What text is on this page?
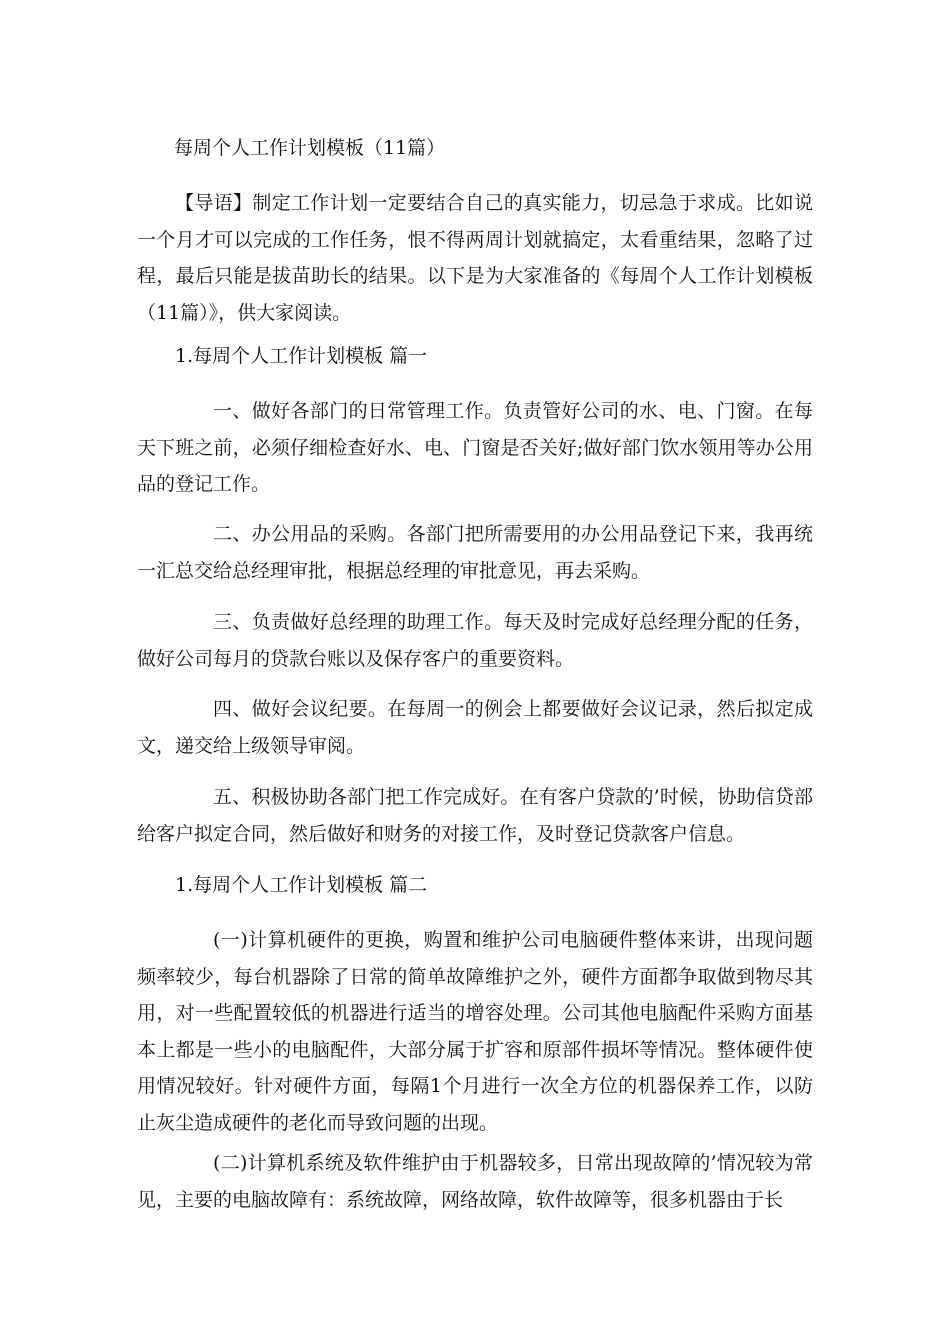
每周个人工作计划模板（11篇）

【导语】制定工作计划一定要结合自己的真实能力，切忌急于求成。比如说一个月才可以完成的工作任务，恨不得两周计划就搞定，太看重结果，忽略了过程，最后只能是拔苗助长的结果。以下是为大家准备的《每周个人工作计划模板（11篇）》，供大家阅读。

1.每周个人工作计划模板 篇一

一、做好各部门的日常管理工作。负责管好公司的水、电、门窗。在每天下班之前，必须仔细检查好水、电、门窗是否关好;做好部门饮水领用等办公用品的登记工作。

二、办公用品的采购。各部门把所需要用的办公用品登记下来，我再统一汇总交给总经理审批，根据总经理的审批意见，再去采购。

三、负责做好总经理的助理工作。每天及时完成好总经理分配的任务，做好公司每月的贷款台账以及保存客户的重要资料。

四、做好会议纪要。在每周一的例会上都要做好会议记录，然后拟定成文，递交给上级领导审阅。

五、积极协助各部门把工作完成好。在有客户贷款的’时候，协助信贷部给客户拟定合同，然后做好和财务的对接工作，及时登记贷款客户信息。

1.每周个人工作计划模板 篇二

(一)计算机硬件的更换，购置和维护公司电脑硬件整体来讲，出现问题频率较少，每台机器除了日常的简单故障维护之外，硬件方面都争取做到物尽其用，对一些配置较低的机器进行适当的增容处理。公司其他电脑配件采购方面基本上都是一些小的电脑配件，大部分属于扩容和原部件损坏等情况。整体硬件使用情况较好。针对硬件方面，每隔1个月进行一次全方位的机器保养工作，以防止灰尘造成硬件的老化而导致问题的出现。

(二)计算机系统及软件维护由于机器较多，日常出现故障的’情况较为常见，主要的电脑故障有：系统故障，网络故障，软件故障等，很多机器由于长
